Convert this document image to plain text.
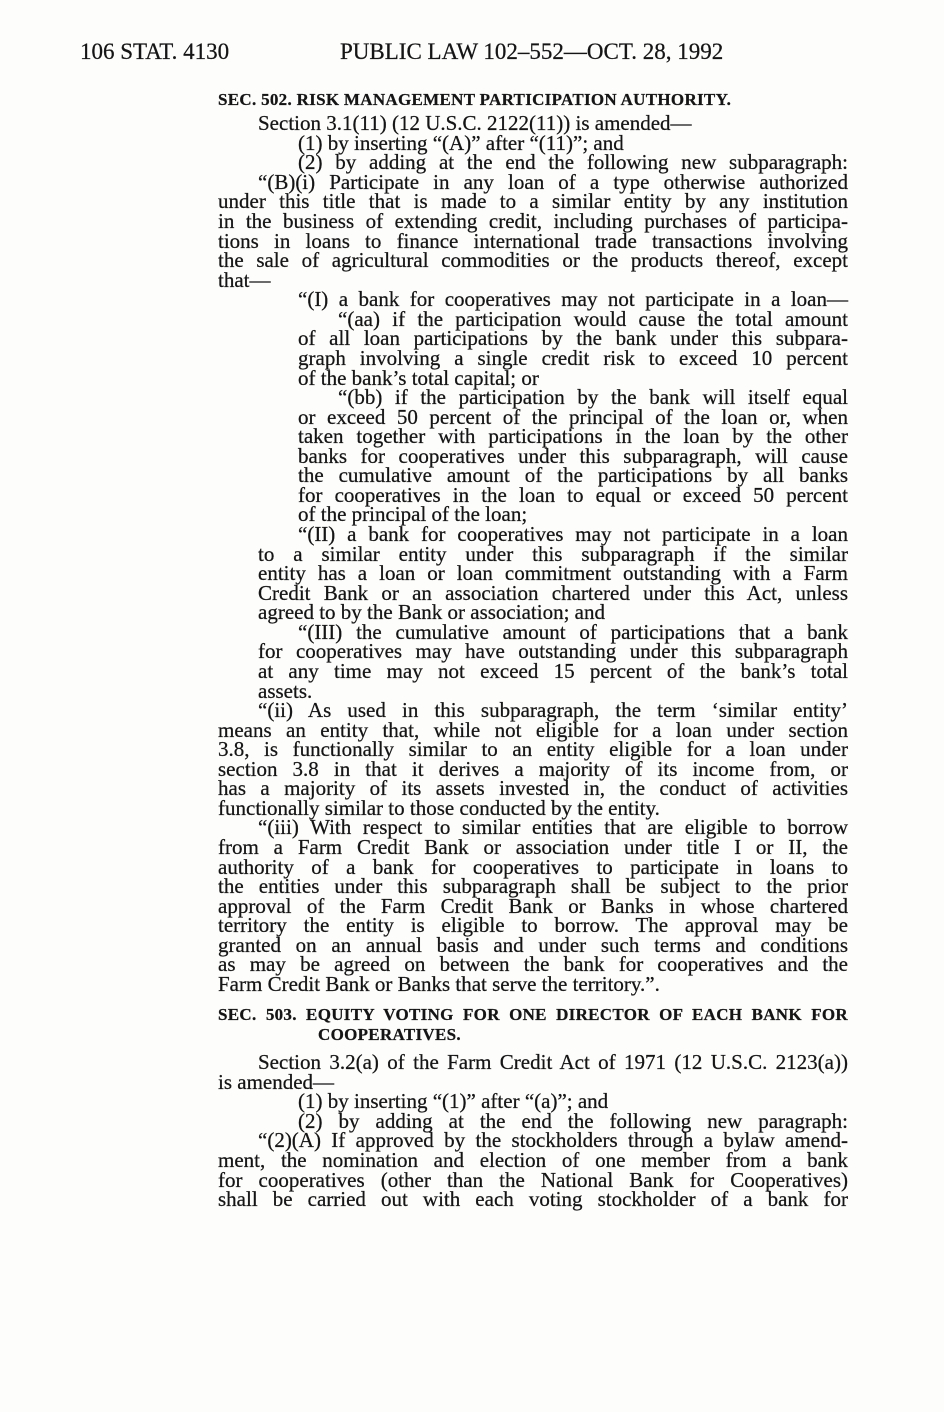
106 STAT. 4130	PUBLIC LAW 102–552—OCT. 28, 1992
SEC. 502. RISK MANAGEMENT PARTICIPATION AUTHORITY.
Section 3.1(11) (12 U.S.C. 2122(11)) is amended—
(1) by inserting “(A)” after “(11)”; and
(2) by adding at the end the following new subparagraph:
“(B)(i) Participate in any loan of a type otherwise authorized
under this title that is made to a similar entity by any institution
in the business of extending credit, including purchases of participa-
tions in loans to finance international trade transactions involving
the sale of agricultural commodities or the products thereof, except
that—
“(I) a bank for cooperatives may not participate in a loan—
“(aa) if the participation would cause the total amount
of all loan participations by the bank under this subpara-
graph involving a single credit risk to exceed 10 percent
of the bank’s total capital; or
“(bb) if the participation by the bank will itself equal
or exceed 50 percent of the principal of the loan or, when
taken together with participations in the loan by the other
banks for cooperatives under this subparagraph, will cause
the cumulative amount of the participations by all banks
for cooperatives in the loan to equal or exceed 50 percent
of the principal of the loan;
“(II) a bank for cooperatives may not participate in a loan
to a similar entity under this subparagraph if the similar
entity has a loan or loan commitment outstanding with a Farm
Credit Bank or an association chartered under this Act, unless
agreed to by the Bank or association; and
“(III) the cumulative amount of participations that a bank
for cooperatives may have outstanding under this subparagraph
at any time may not exceed 15 percent of the bank’s total
assets.
“(ii) As used in this subparagraph, the term ‘similar entity’
means an entity that, while not eligible for a loan under section
3.8, is functionally similar to an entity eligible for a loan under
section 3.8 in that it derives a majority of its income from, or
has a majority of its assets invested in, the conduct of activities
functionally similar to those conducted by the entity.
“(iii) With respect to similar entities that are eligible to borrow
from a Farm Credit Bank or association under title I or II, the
authority of a bank for cooperatives to participate in loans to
the entities under this subparagraph shall be subject to the prior
approval of the Farm Credit Bank or Banks in whose chartered
territory the entity is eligible to borrow. The approval may be
granted on an annual basis and under such terms and conditions
as may be agreed on between the bank for cooperatives and the
Farm Credit Bank or Banks that serve the territory.”.
SEC. 503. EQUITY VOTING FOR ONE DIRECTOR OF EACH BANK FOR
COOPERATIVES.
Section 3.2(a) of the Farm Credit Act of 1971 (12 U.S.C. 2123(a))
is amended—
(1) by inserting “(1)” after “(a)”; and
(2) by adding at the end the following new paragraph:
“(2)(A) If approved by the stockholders through a bylaw amend-
ment, the nomination and election of one member from a bank
for cooperatives (other than the National Bank for Cooperatives)
shall be carried out with each voting stockholder of a bank for
